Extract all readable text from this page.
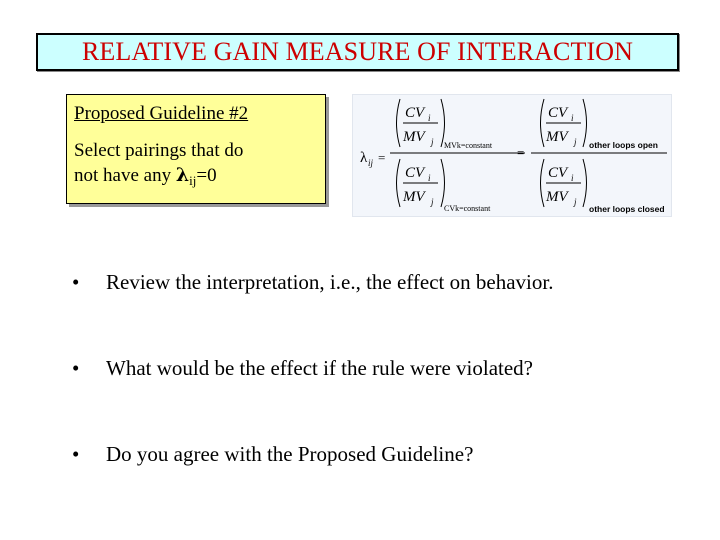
RELATIVE GAIN MEASURE OF INTERACTION
Proposed Guideline #2
Select pairings that do
not have any $\lambda_{ij}=0$
λ ij =
CV i
MV j MVk=constant
CV i
MV j
CVk=constant
=
CV i
MV j other loops open
CV i
MV j
other loops closed
•	Review the interpretation, i.e., the effect on behavior.
•	What would be the effect if the rule were violated?
•	Do you agree with the Proposed Guideline?
